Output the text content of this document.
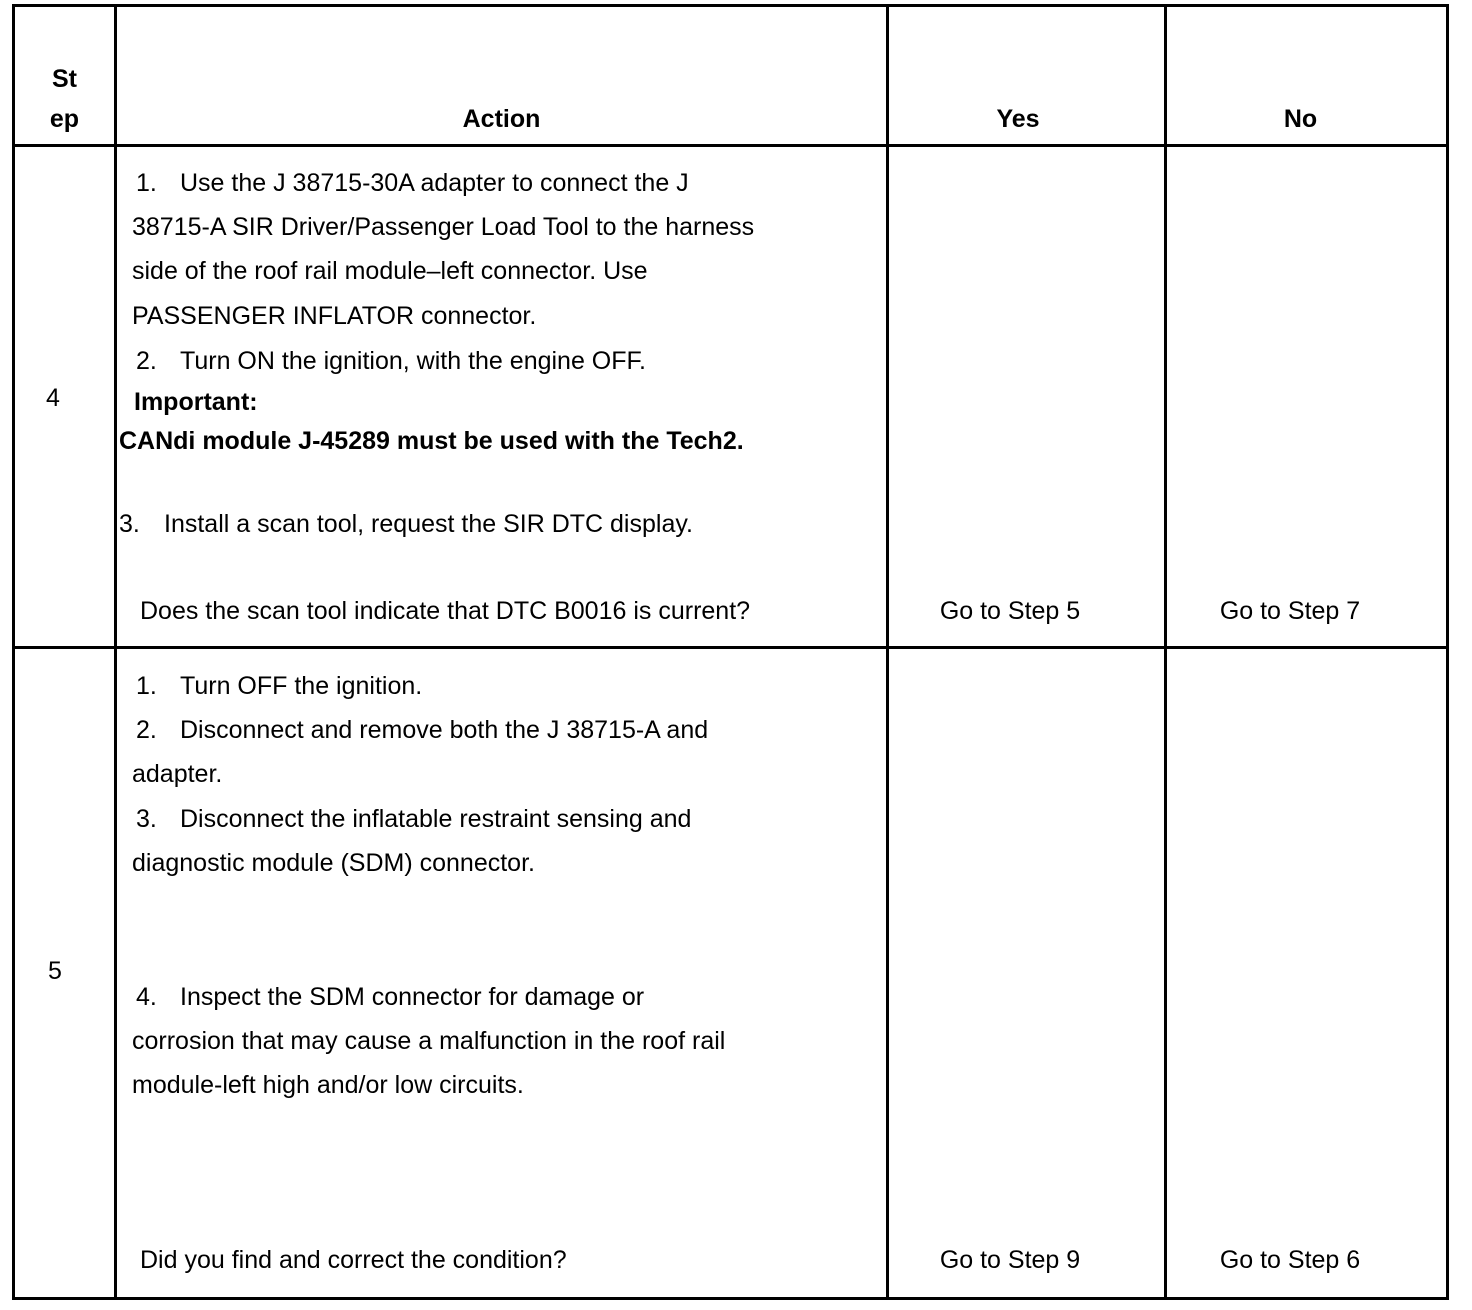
St
ep	Action	Yes	No
4
1. Use the J 38715-30A adapter to connect the J
38715-A SIR Driver/Passenger Load Tool to the harness
side of the roof rail module–left connector. Use
PASSENGER INFLATOR connector.
2. Turn ON the ignition, with the engine OFF.
Important:
CANdi module J-45289 must be used with the Tech2.
3. Install a scan tool, request the SIR DTC display.
Does the scan tool indicate that DTC B0016 is current?	Go to Step 5	Go to Step 7
5
1. Turn OFF the ignition.
2. Disconnect and remove both the J 38715-A and
adapter.
3. Disconnect the inflatable restraint sensing and
diagnostic module (SDM) connector.
4. Inspect the SDM connector for damage or
corrosion that may cause a malfunction in the roof rail
module-left high and/or low circuits.
Did you find and correct the condition?	Go to Step 9	Go to Step 6
